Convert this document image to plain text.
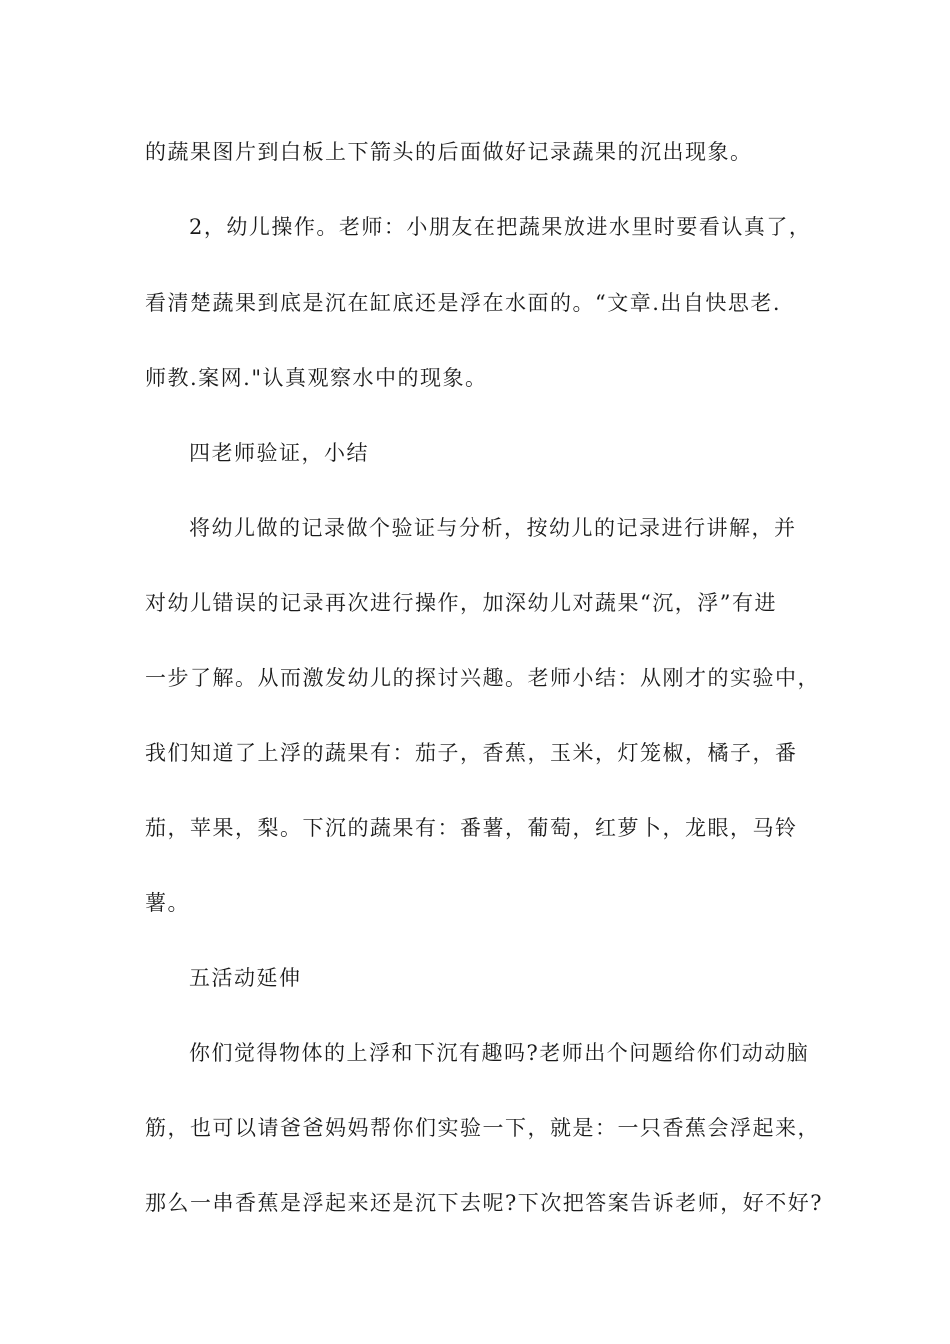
的蔬果图片到白板上下箭头的后面做好记录蔬果的沉出现象。
2，幼儿操作。老师：小朋友在把蔬果放进水里时要看认真了，
看清楚蔬果到底是沉在缸底还是浮在水面的。“文章.出自快思老.
师教.案网."认真观察水中的现象。
四老师验证，小结
将幼儿做的记录做个验证与分析，按幼儿的记录进行讲解，并
对幼儿错误的记录再次进行操作，加深幼儿对蔬果“沉，浮”有进
一步了解。从而激发幼儿的探讨兴趣。老师小结：从刚才的实验中，
我们知道了上浮的蔬果有：茄子，香蕉，玉米，灯笼椒，橘子，番
茄，苹果，梨。下沉的蔬果有：番薯，葡萄，红萝卜，龙眼，马铃
薯。
五活动延伸
你们觉得物体的上浮和下沉有趣吗?老师出个问题给你们动动脑
筋，也可以请爸爸妈妈帮你们实验一下，就是：一只香蕉会浮起来，
那么一串香蕉是浮起来还是沉下去呢?下次把答案告诉老师，好不好?
